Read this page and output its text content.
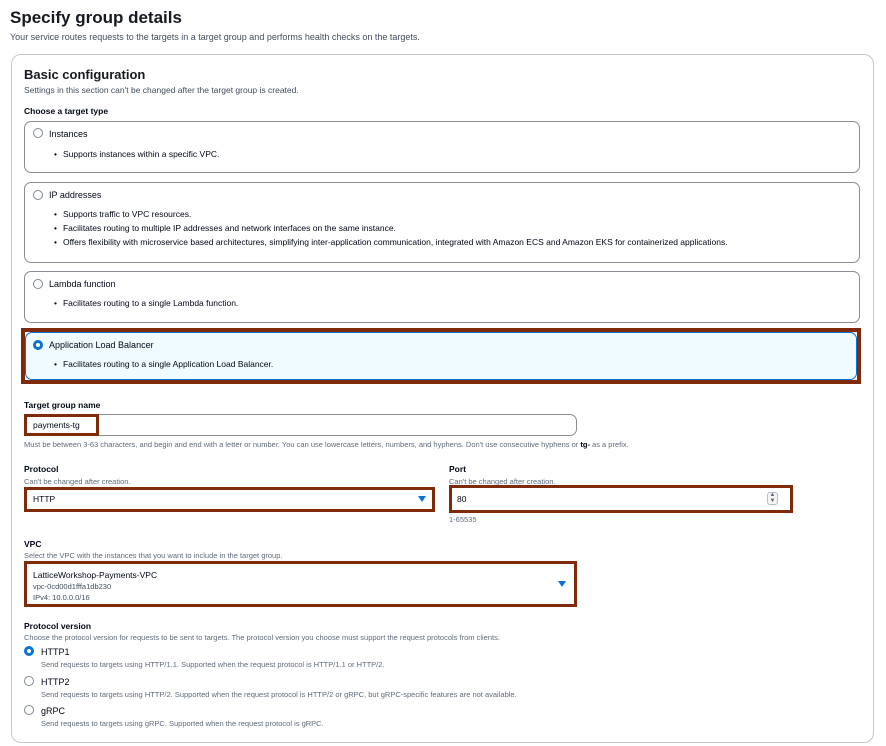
Specify group details
Your service routes requests to the targets in a target group and performs health checks on the targets.
Basic configuration
Settings in this section can't be changed after the target group is created.
Choose a target type
Instances
• Supports instances within a specific VPC.
IP addresses
• Supports traffic to VPC resources.
• Facilitates routing to multiple IP addresses and network interfaces on the same instance.
• Offers flexibility with microservice based architectures, simplifying inter-application communication, integrated with Amazon ECS and Amazon EKS for containerized applications.
Lambda function
• Facilitates routing to a single Lambda function.
Application Load Balancer
• Facilitates routing to a single Application Load Balancer.
Target group name
payments-tg
Must be between 3-63 characters, and begin and end with a letter or number. You can use lowercase letters, numbers, and hyphens. Don't use consecutive hyphens or tg- as a prefix.
Protocol
Can't be changed after creation.
HTTP
Port
Can't be changed after creation.
80	▲
▼
1-65535
VPC
Select the VPC with the instances that you want to include in the target group.
LatticeWorkshop-Payments-VPC
vpc-0cd00d1fffa1db230
IPv4: 10.0.0.0/16
Protocol version
Choose the protocol version for requests to be sent to targets. The protocol version you choose must support the request protocols from clients.
HTTP1
Send requests to targets using HTTP/1.1. Supported when the request protocol is HTTP/1.1 or HTTP/2.
HTTP2
Send requests to targets using HTTP/2. Supported when the request protocol is HTTP/2 or gRPC, but gRPC-specific features are not available.
gRPC
Send requests to targets using gRPC. Supported when the request protocol is gRPC.
